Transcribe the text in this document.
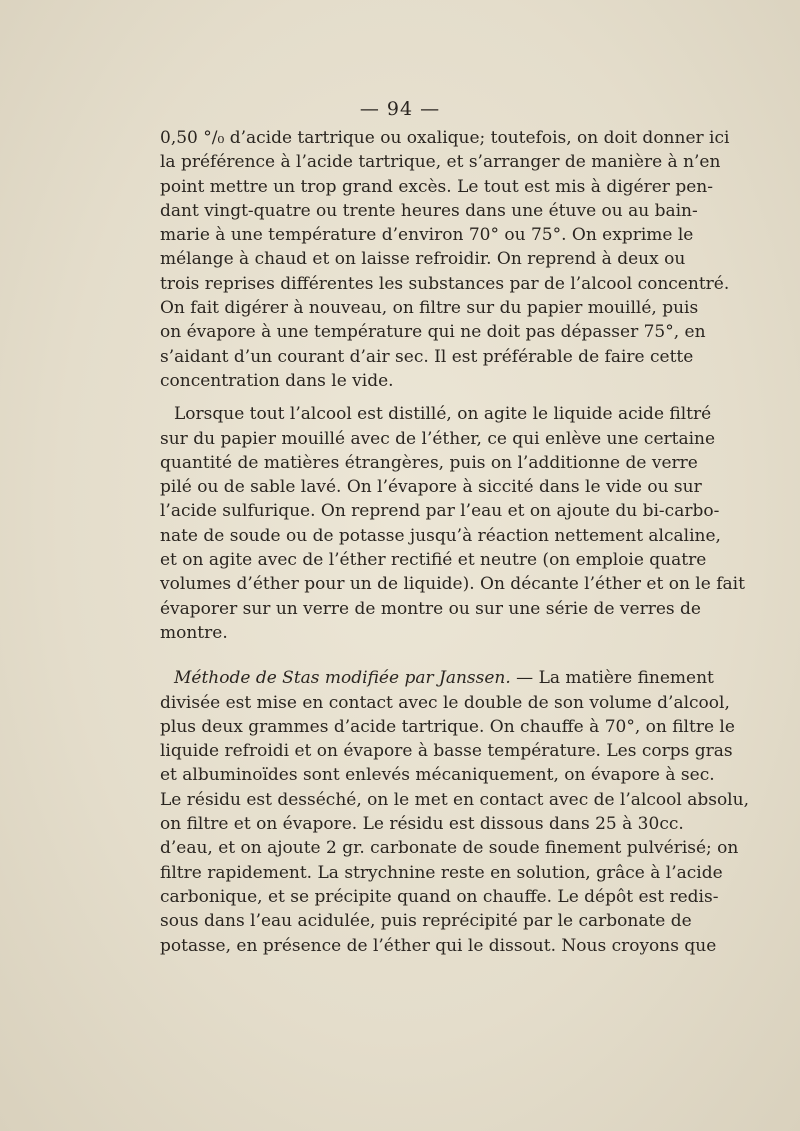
— 94 —

0,50 °/₀ d’acide tartrique ou oxalique; toutefois, on doit donner ici
la préférence à l’acide tartrique, et s’arranger de manière à n’en
point mettre un trop grand excès. Le tout est mis à digérer pen-
dant vingt-quatre ou trente heures dans une étuve ou au bain-
marie à une température d’environ 70° ou 75°. On exprime le
mélange à chaud et on laisse refroidir. On reprend à deux ou
trois reprises différentes les substances par de l’alcool concentré.
On fait digérer à nouveau, on filtre sur du papier mouillé, puis
on évapore à une température qui ne doit pas dépasser 75°, en
s’aidant d’un courant d’air sec. Il est préférable de faire cette
concentration dans le vide.

Lorsque tout l’alcool est distillé, on agite le liquide acide filtré
sur du papier mouillé avec de l’éther, ce qui enlève une certaine
quantité de matières étrangères, puis on l’additionne de verre
pilé ou de sable lavé. On l’évapore à siccité dans le vide ou sur
l’acide sulfurique. On reprend par l’eau et on ajoute du bi-carbo-
nate de soude ou de potasse jusqu’à réaction nettement alcaline,
et on agite avec de l’éther rectifié et neutre (on emploie quatre
volumes d’éther pour un de liquide). On décante l’éther et on le fait
évaporer sur un verre de montre ou sur une série de verres de
montre.

Méthode de Stas modifiée par Janssen. — La matière finement
divisée est mise en contact avec le double de son volume d’alcool,
plus deux grammes d’acide tartrique. On chauffe à 70°, on filtre le
liquide refroidi et on évapore à basse température. Les corps gras
et albuminoïdes sont enlevés mécaniquement, on évapore à sec.
Le résidu est desséché, on le met en contact avec de l’alcool absolu,
on filtre et on évapore. Le résidu est dissous dans 25 à 30cc.
d’eau, et on ajoute 2 gr. carbonate de soude finement pulvérisé; on
filtre rapidement. La strychnine reste en solution, grâce à l’acide
carbonique, et se précipite quand on chauffe. Le dépôt est redis-
sous dans l’eau acidulée, puis reprécipité par le carbonate de
potasse, en présence de l’éther qui le dissout. Nous croyons que
